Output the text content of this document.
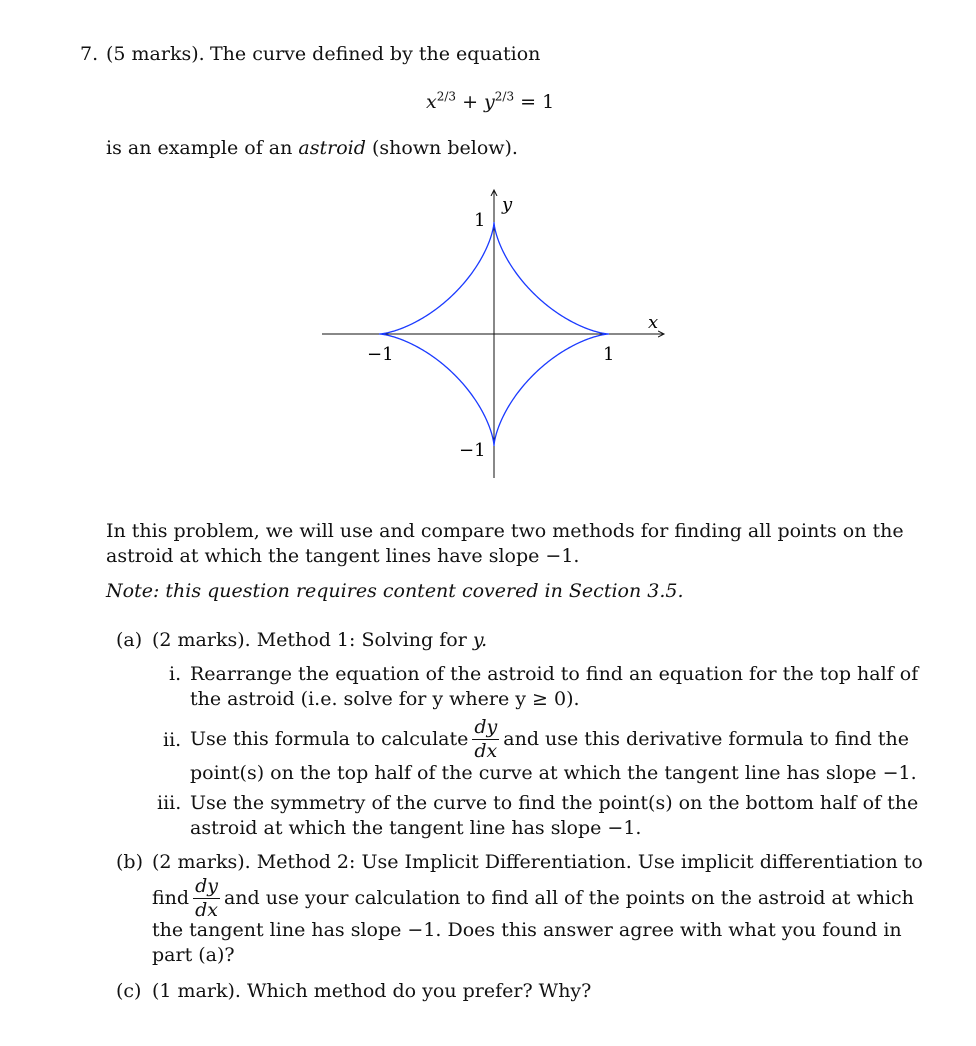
7. (5 marks). The curve defined by the equation
$x^{2/3} + y^{2/3} = 1$
is an example of an astroid (shown below).
x
y
1
−1
1
−1
In this problem, we will use and compare two methods for finding all points on the
astroid at which the tangent lines have slope −1.
Note: this question requires content covered in Section 3.5.
(a) (2 marks). Method 1: Solving for y.
i. Rearrange the equation of the astroid to find an equation for the top half of
the astroid (i.e. solve for y where y ≥ 0).
ii. Use this formula to calculate $\frac{dy}{dx}$ and use this derivative formula to find the
point(s) on the top half of the curve at which the tangent line has slope −1.
iii. Use the symmetry of the curve to find the point(s) on the bottom half of the
astroid at which the tangent line has slope −1.
(b) (2 marks). Method 2: Use Implicit Differentiation. Use implicit differentiation to
find $\frac{dy}{dx}$ and use your calculation to find all of the points on the astroid at which
the tangent line has slope −1. Does this answer agree with what you found in
part (a)?
(c) (1 mark). Which method do you prefer? Why?
